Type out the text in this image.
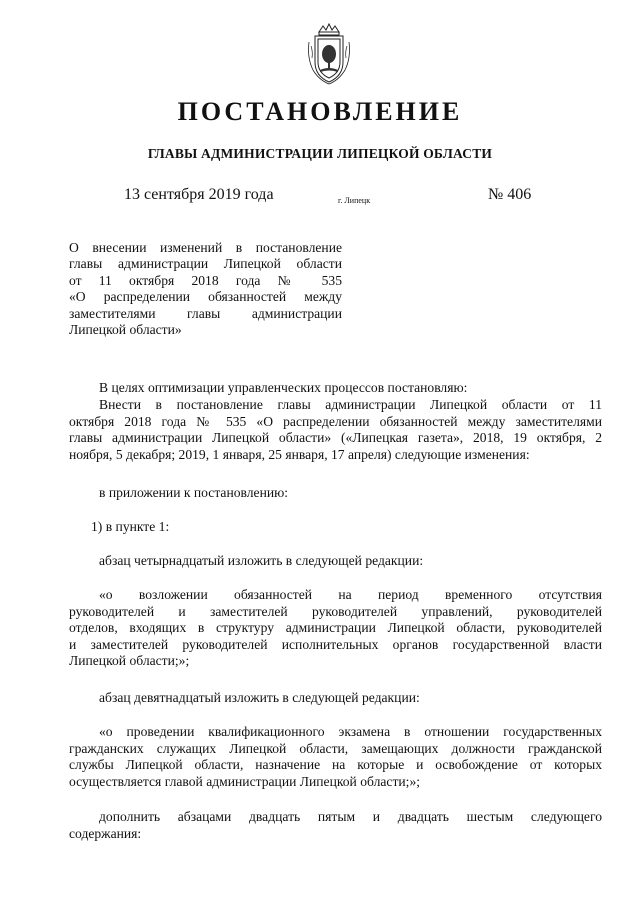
ПОСТАНОВЛЕНИЕ
ГЛАВЫ АДМИНИСТРАЦИИ ЛИПЕЦКОЙ ОБЛАСТИ
13 сентября 2019 года	г. Липецк	№ 406
О внесении изменений в постановление
главы администрации Липецкой области
от 11 октября 2018 года № 535
«О распределении обязанностей между
заместителями главы администрации
Липецкой области»

В целях оптимизации управленческих процессов постановляю:

Внести в постановление главы администрации Липецкой области от 11
октября 2018 года № 535 «О распределении обязанностей между заместителями
главы администрации Липецкой области» («Липецкая газета», 2018, 19 октября, 2
ноября, 5 декабря; 2019, 1 января, 25 января, 17 апреля) следующие изменения:

в приложении к постановлению:

1) в пункте 1:

абзац четырнадцатый изложить в следующей редакции:

«о возложении обязанностей на период временного отсутствия
руководителей и заместителей руководителей управлений, руководителей
отделов, входящих в структуру администрации Липецкой области, руководителей
и заместителей руководителей исполнительных органов государственной власти
Липецкой области;»;

абзац девятнадцатый изложить в следующей редакции:

«о проведении квалификационного экзамена в отношении государственных
гражданских служащих Липецкой области, замещающих должности гражданской
службы Липецкой области, назначение на которые и освобождение от которых
осуществляется главой администрации Липецкой области;»;
дополнить абзацами двадцать пятым и двадцать шестым следующего
содержания:
